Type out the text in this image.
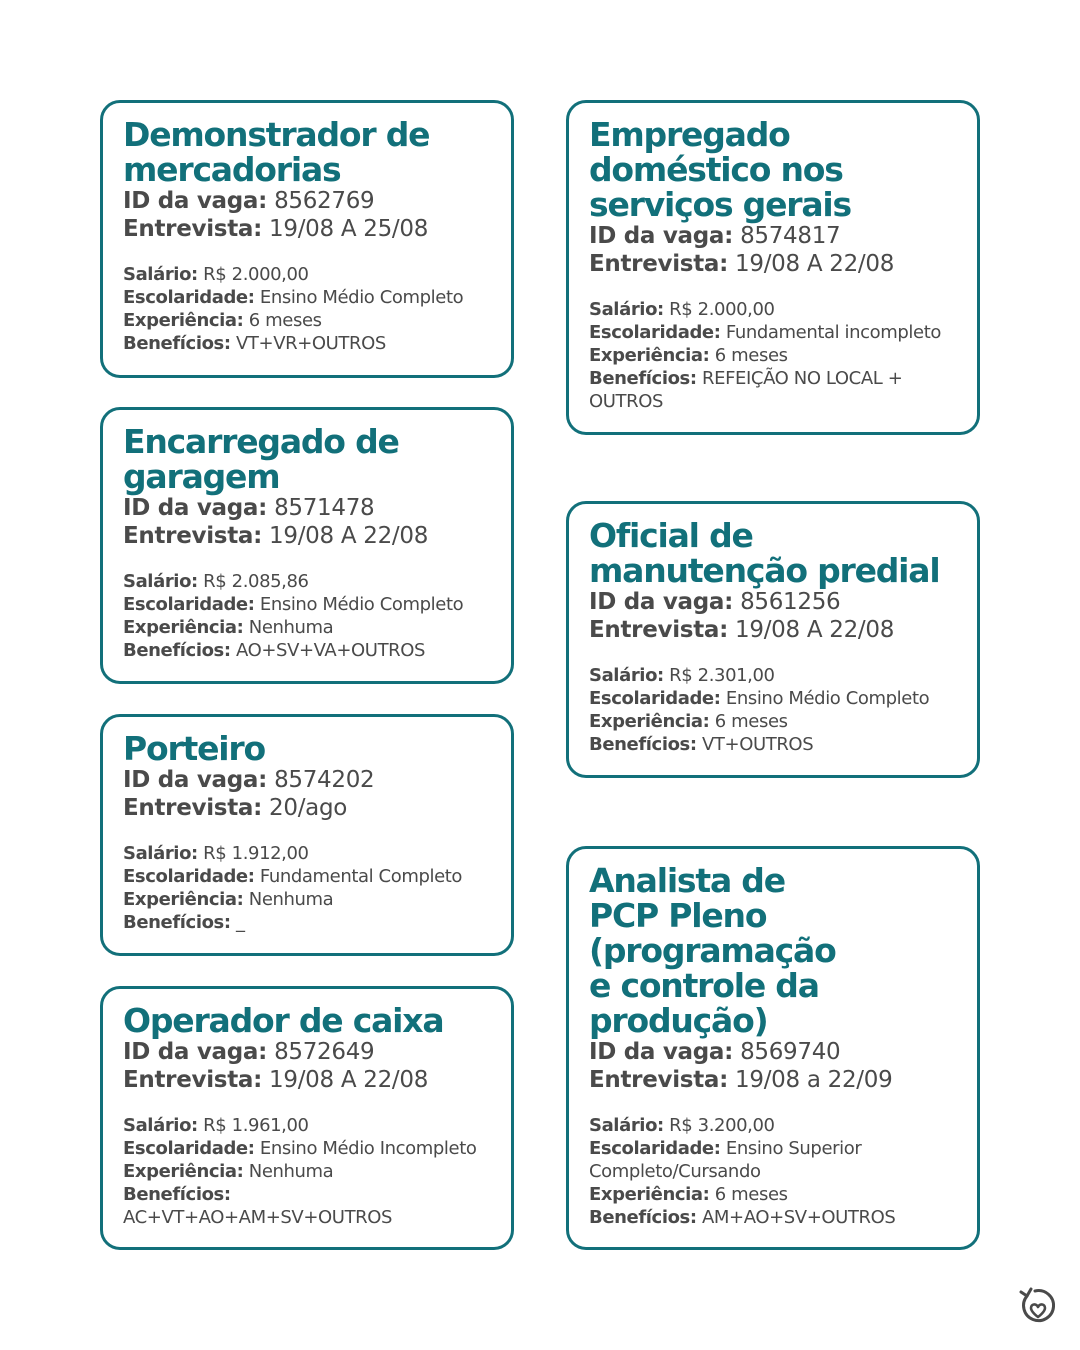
Demonstrador de
mercadorias
ID da vaga: 8562769
Entrevista: 19/08 A 25/08
Salário: R$ 2.000,00
Escolaridade: Ensino Médio Completo
Experiência: 6 meses
Benefícios: VT+VR+OUTROS
Encarregado de
garagem
ID da vaga: 8571478
Entrevista: 19/08 A 22/08
Salário: R$ 2.085,86
Escolaridade: Ensino Médio Completo
Experiência: Nenhuma
Benefícios: AO+SV+VA+OUTROS
Porteiro
ID da vaga: 8574202
Entrevista: 20/ago
Salário: R$ 1.912,00
Escolaridade: Fundamental Completo
Experiência: Nenhuma
Benefícios: _
Operador de caixa
ID da vaga: 8572649
Entrevista: 19/08 A 22/08
Salário: R$ 1.961,00
Escolaridade: Ensino Médio Incompleto
Experiência: Nenhuma
Benefícios:
AC+VT+AO+AM+SV+OUTROS
Empregado
doméstico nos
serviços gerais
ID da vaga: 8574817
Entrevista: 19/08 A 22/08
Salário: R$ 2.000,00
Escolaridade: Fundamental incompleto
Experiência: 6 meses
Benefícios: REFEIÇÃO NO LOCAL +
OUTROS
Oficial de
manutenção predial
ID da vaga: 8561256
Entrevista: 19/08 A 22/08
Salário: R$ 2.301,00
Escolaridade: Ensino Médio Completo
Experiência: 6 meses
Benefícios: VT+OUTROS
Analista de
PCP Pleno
(programação
e controle da
produção)
ID da vaga: 8569740
Entrevista: 19/08 a 22/09
Salário: R$ 3.200,00
Escolaridade: Ensino Superior
Completo/Cursando
Experiência: 6 meses
Benefícios: AM+AO+SV+OUTROS
